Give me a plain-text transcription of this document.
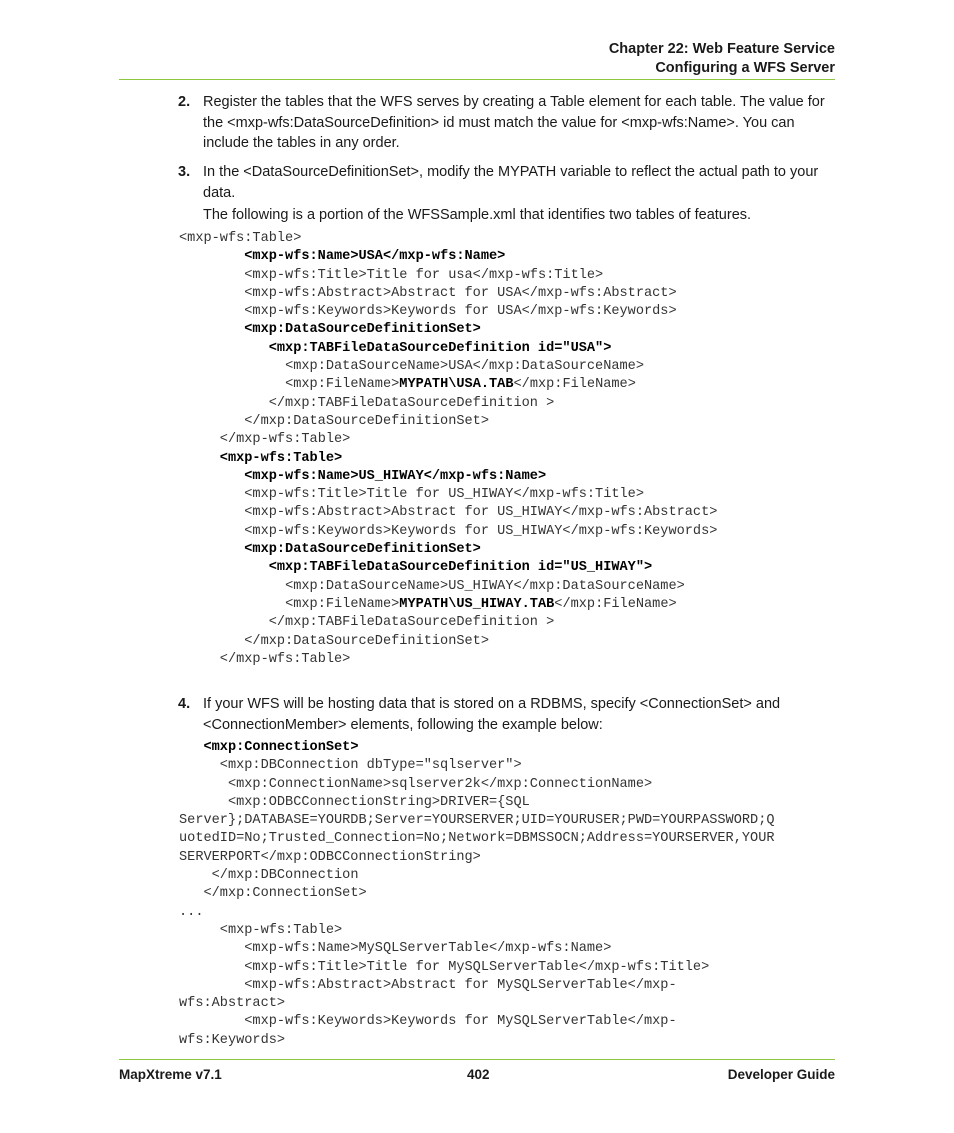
Chapter 22: Web Feature Service
Configuring a WFS Server
2. Register the tables that the WFS serves by creating a Table element for each table. The value for the <mxp-wfs:DataSourceDefinition> id must match the value for <mxp-wfs:Name>. You can include the tables in any order.
3. In the <DataSourceDefinitionSet>, modify the MYPATH variable to reflect the actual path to your data.
The following is a portion of the WFSSample.xml that identifies two tables of features.
<mxp-wfs:Table>
<mxp-wfs:Name>USA</mxp-wfs:Name>
<mxp-wfs:Title>Title for usa</mxp-wfs:Title>
<mxp-wfs:Abstract>Abstract for USA</mxp-wfs:Abstract>
<mxp-wfs:Keywords>Keywords for USA</mxp-wfs:Keywords>
<mxp:DataSourceDefinitionSet>
<mxp:TABFileDataSourceDefinition id="USA">
<mxp:DataSourceName>USA</mxp:DataSourceName>
<mxp:FileName>MYPATH\USA.TAB</mxp:FileName>
</mxp:TABFileDataSourceDefinition >
</mxp:DataSourceDefinitionSet>
</mxp-wfs:Table>
<mxp-wfs:Table>
<mxp-wfs:Name>US_HIWAY</mxp-wfs:Name>
<mxp-wfs:Title>Title for US_HIWAY</mxp-wfs:Title>
<mxp-wfs:Abstract>Abstract for US_HIWAY</mxp-wfs:Abstract>
<mxp-wfs:Keywords>Keywords for US_HIWAY</mxp-wfs:Keywords>
<mxp:DataSourceDefinitionSet>
<mxp:TABFileDataSourceDefinition id="US_HIWAY">
<mxp:DataSourceName>US_HIWAY</mxp:DataSourceName>
<mxp:FileName>MYPATH\US_HIWAY.TAB</mxp:FileName>
</mxp:TABFileDataSourceDefinition >
</mxp:DataSourceDefinitionSet>
</mxp-wfs:Table>
4. If your WFS will be hosting data that is stored on a RDBMS, specify <ConnectionSet> and <ConnectionMember> elements, following the example below:
<mxp:ConnectionSet>
<mxp:DBConnection dbType="sqlserver">
<mxp:ConnectionName>sqlserver2k</mxp:ConnectionName>
<mxp:ODBCConnectionString>DRIVER={SQL
Server};DATABASE=YOURDB;Server=YOURSERVER;UID=YOURUSER;PWD=YOURPASSWORD;Q
uotedID=No;Trusted_Connection=No;Network=DBMSSOCN;Address=YOURSERVER,YOUR
SERVERPORT</mxp:ODBCConnectionString>
</mxp:DBConnection
</mxp:ConnectionSet>
...
<mxp-wfs:Table>
<mxp-wfs:Name>MySQLServerTable</mxp-wfs:Name>
<mxp-wfs:Title>Title for MySQLServerTable</mxp-wfs:Title>
<mxp-wfs:Abstract>Abstract for MySQLServerTable</mxp-
wfs:Abstract>
<mxp-wfs:Keywords>Keywords for MySQLServerTable</mxp-
wfs:Keywords>
MapXtreme v7.1	402	Developer Guide
